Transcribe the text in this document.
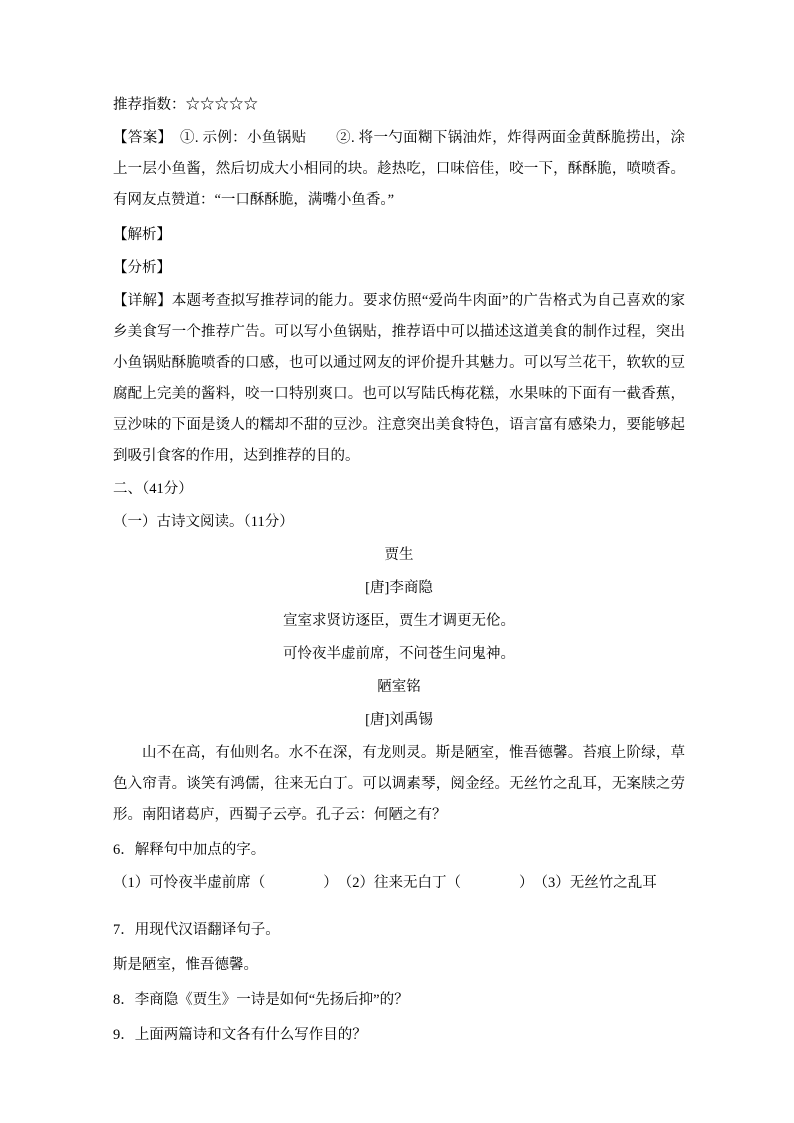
推荐指数：☆☆☆☆☆

【答案】　①. 示例：小鱼锅贴　　②. 将一勺面糊下锅油炸，炸得两面金黄酥脆捞出，涂上一层小鱼酱，然后切成大小相同的块。趁热吃，口味倍佳，咬一下，酥酥脆，喷喷香。有网友点赞道：“一口酥酥脆，满嘴小鱼香。”

【解析】

【分析】

【详解】本题考查拟写推荐词的能力。要求仿照“爱尚牛肉面”的广告格式为自己喜欢的家乡美食写一个推荐广告。可以写小鱼锅贴，推荐语中可以描述这道美食的制作过程，突出小鱼锅贴酥脆喷香的口感，也可以通过网友的评价提升其魅力。可以写兰花干，软软的豆腐配上完美的酱料，咬一口特别爽口。也可以写陆氏梅花糕，水果味的下面有一截香蕉，豆沙味的下面是烫人的糯却不甜的豆沙。注意突出美食特色，语言富有感染力，要能够起到吸引食客的作用，达到推荐的目的。

二、（41分）

（一）古诗文阅读。（11分）

贾生

[唐]李商隐

宣室求贤访逐臣，贾生才调更无伦。

可怜夜半虚前席，不问苍生问鬼神。

陋室铭

[唐]刘禹锡

山不在高，有仙则名。水不在深，有龙则灵。斯是陋室，惟吾德馨。苔痕上阶绿，草色入帘青。谈笑有鸿儒，往来无白丁。可以调素琴，阅金经。无丝竹之乱耳，无案牍之劳形。南阳诸葛庐，西蜀子云亭。孔子云：何陋之有？

6．解释句中加点的字。

（1）可怜夜半虚前席（　　　　）　（2）往来无白丁（　　　　）　（3）无丝竹之乱耳

7．用现代汉语翻译句子。

斯是陋室，惟吾德馨。

8．李商隐《贾生》一诗是如何“先扬后抑”的？

9．上面两篇诗和文各有什么写作目的？
